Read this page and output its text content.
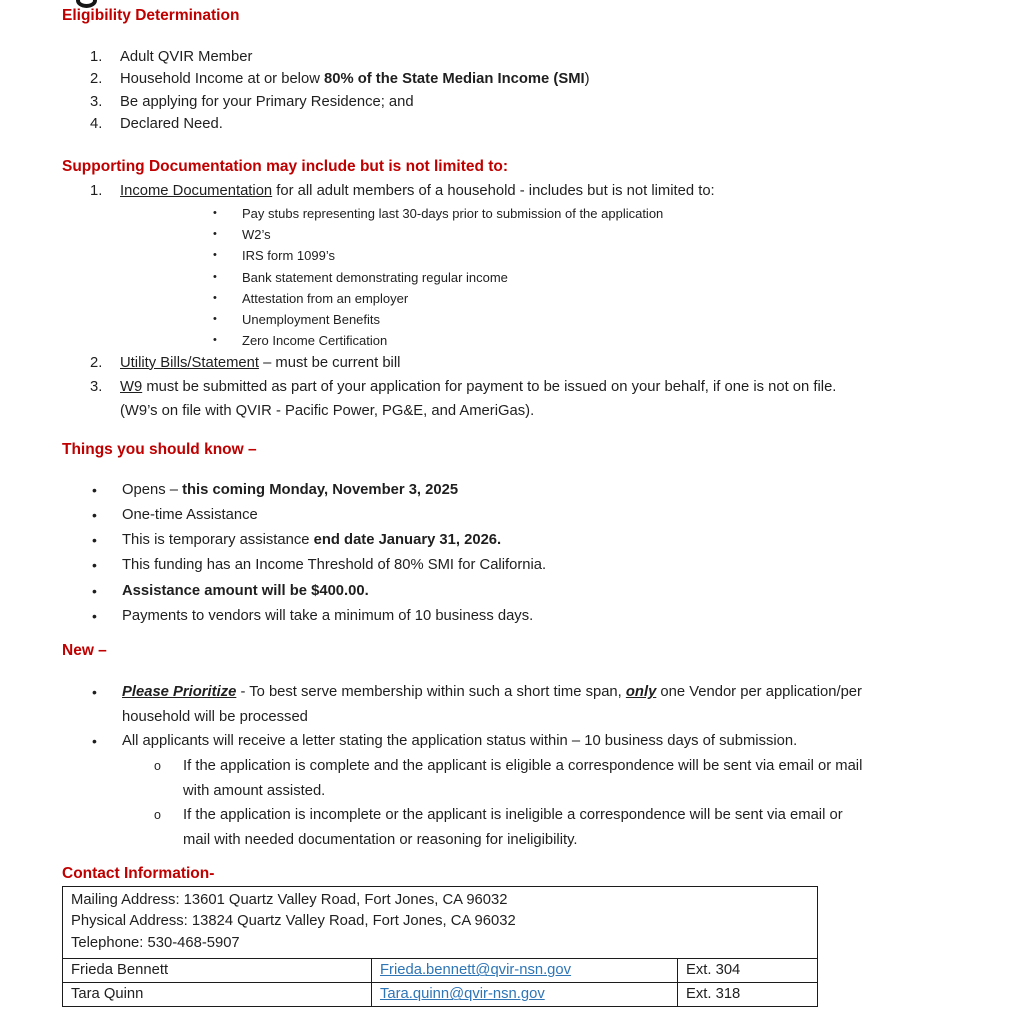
Eligibility Determination
1.	Adult QVIR Member
2.	Household Income at or below 80% of the State Median Income (SMI)
3.	Be applying for your Primary Residence; and
4.	Declared Need.
Supporting Documentation may include but is not limited to:
1.	Income Documentation for all adult members of a household - includes but is not limited to:
•	Pay stubs representing last 30-days prior to submission of the application
•	W2’s
•	IRS form 1099’s
•	Bank statement demonstrating regular income
•	Attestation from an employer
•	Unemployment Benefits
•	Zero Income Certification
2.	Utility Bills/Statement – must be current bill
3.	W9 must be submitted as part of your application for payment to be issued on your behalf, if one is not on file.
(W9’s on file with QVIR - Pacific Power, PG&E, and AmeriGas).
Things you should know –
•	Opens – this coming Monday, November 3, 2025
•	One-time Assistance
•	This is temporary assistance end date January 31, 2026.
•	This funding has an Income Threshold of 80% SMI for California.
•	Assistance amount will be $400.00.
•	Payments to vendors will take a minimum of 10 business days.
New –
•	Please Prioritize - To best serve membership within such a short time span, only one Vendor per application/per
household will be processed
•	All applicants will receive a letter stating the application status within – 10 business days of submission.
o	If the application is complete and the applicant is eligible a correspondence will be sent via email or mail
with amount assisted.
o	If the application is incomplete or the applicant is ineligible a correspondence will be sent via email or
mail with needed documentation or reasoning for ineligibility.
Contact Information-
Mailing Address: 13601 Quartz Valley Road, Fort Jones, CA 96032
Physical Address: 13824 Quartz Valley Road, Fort Jones, CA 96032
Telephone: 530-468-5907		

Frieda Bennett	Frieda.bennett@qvir-nsn.gov	Ext. 304
Tara Quinn	Tara.quinn@qvir-nsn.gov	Ext. 318
